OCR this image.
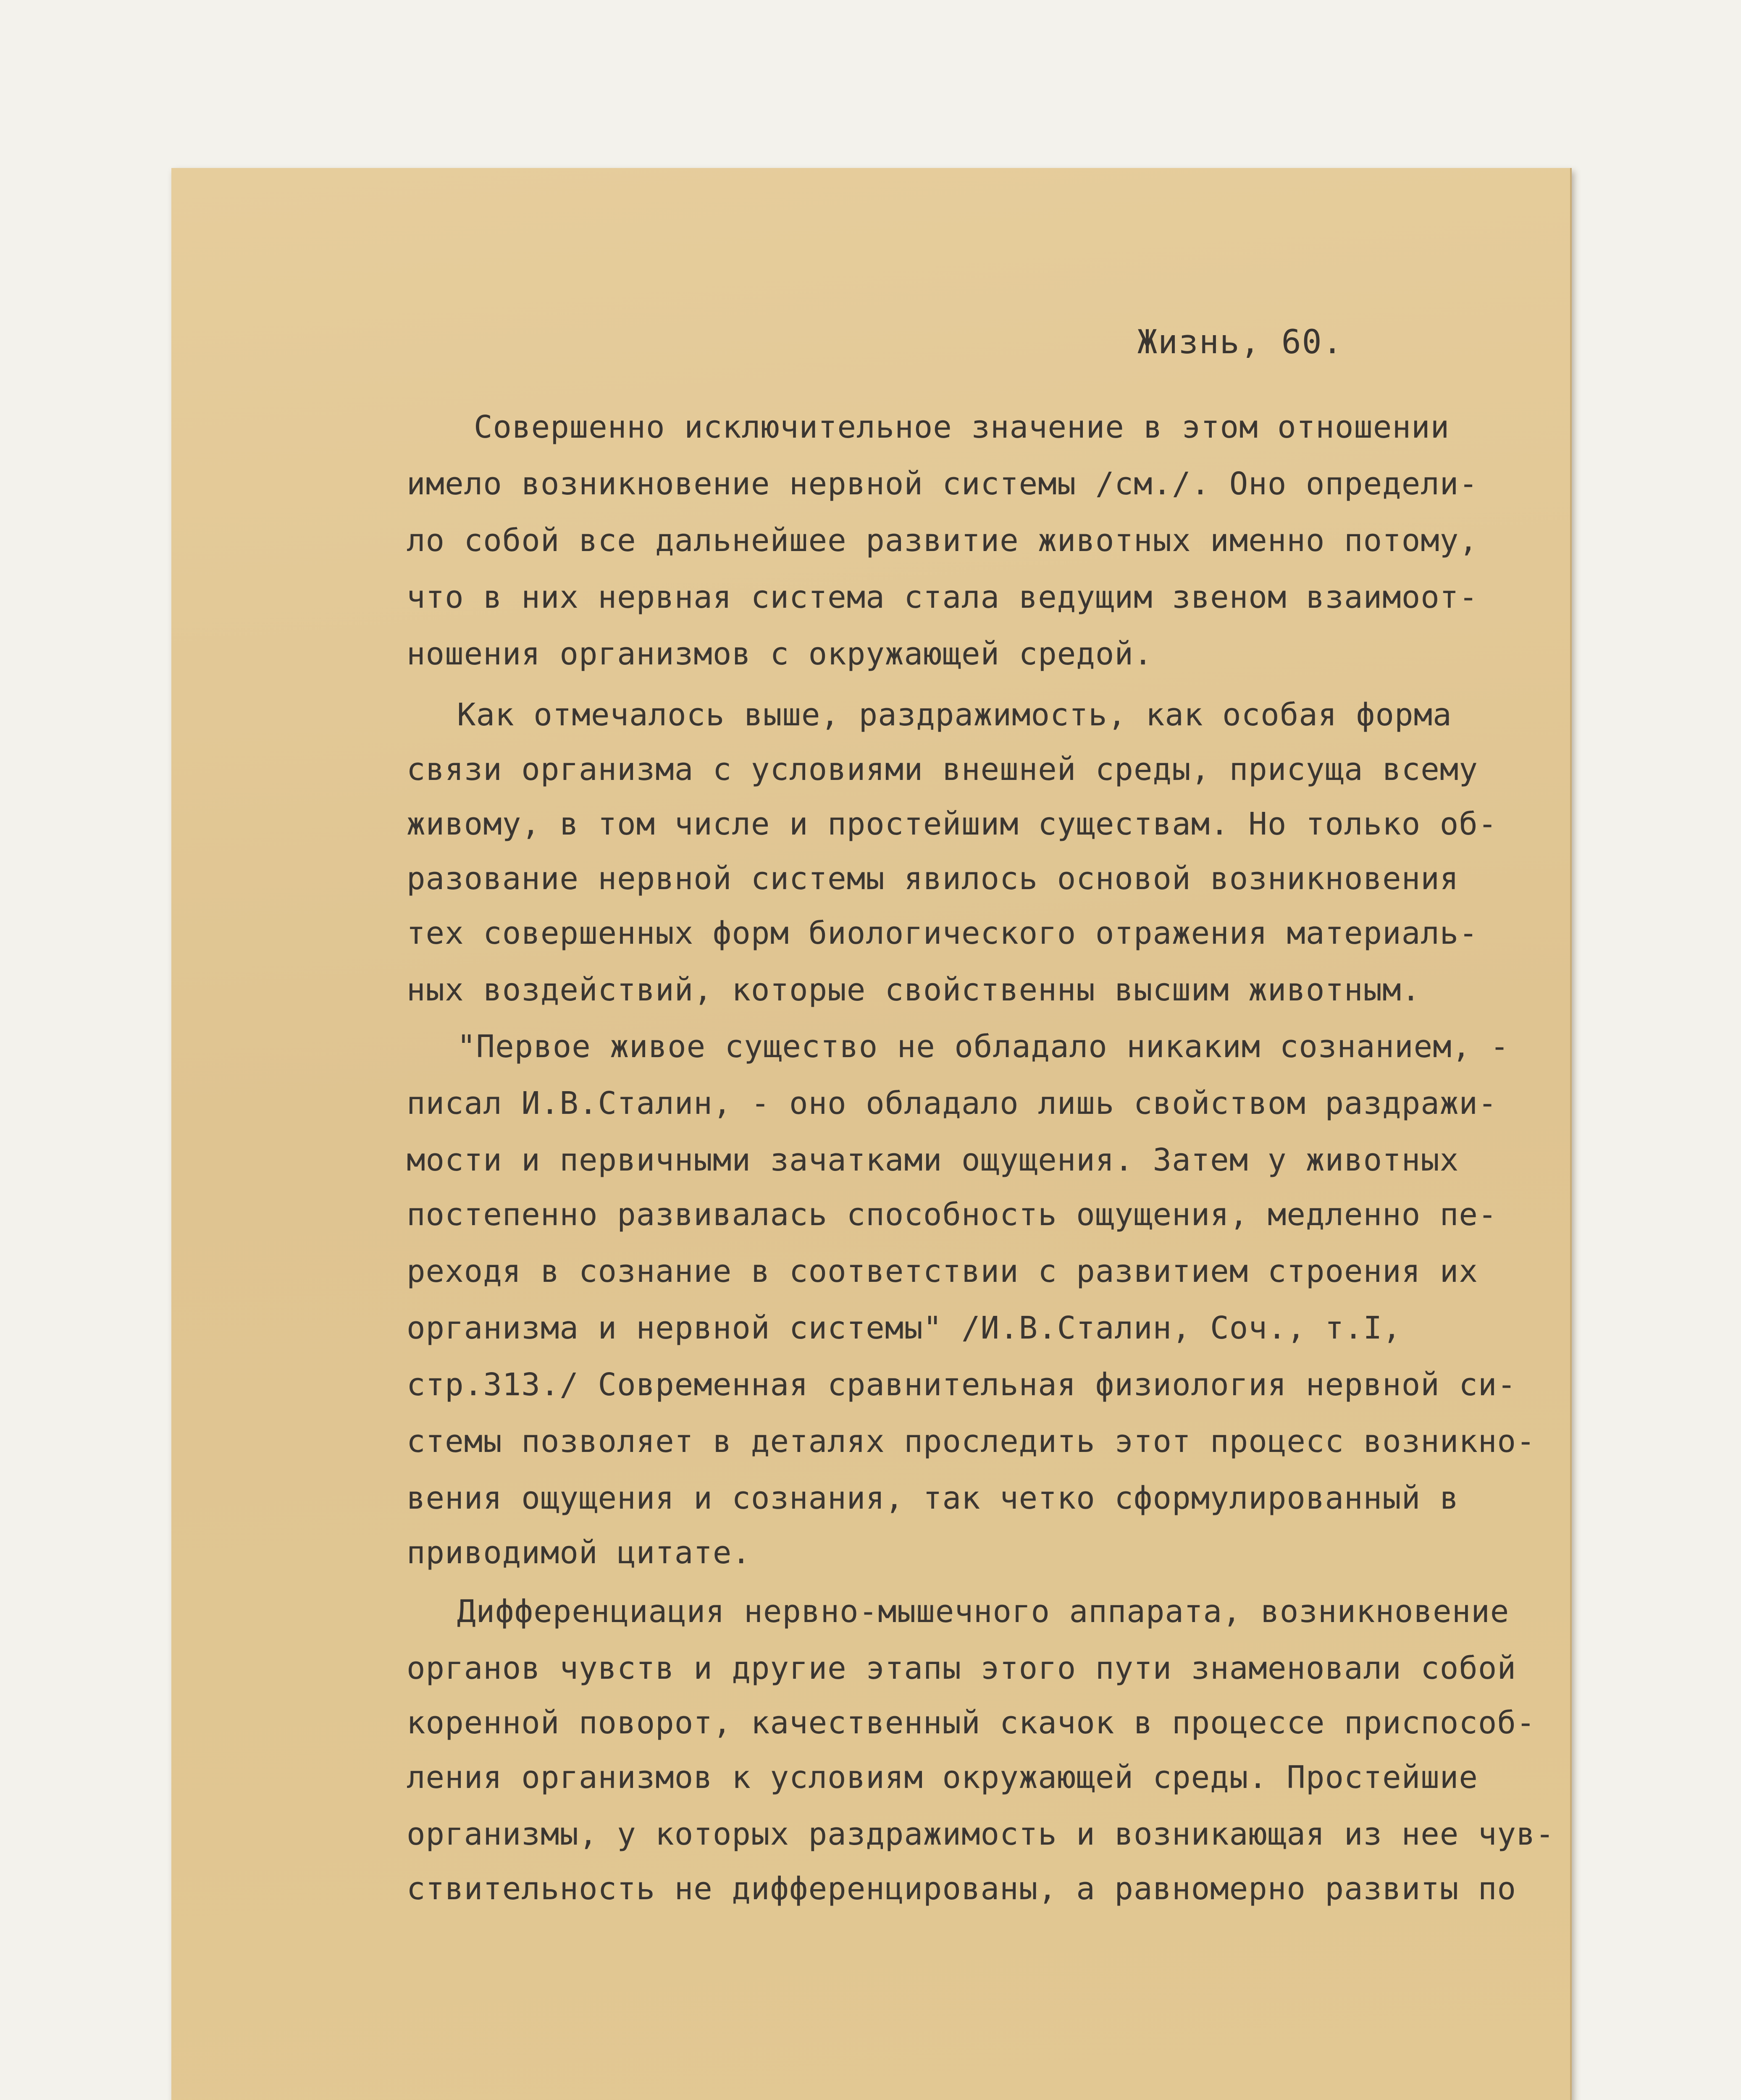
Жизнь, 60.
Совершенно исключительное значение в этом отношении
имело возникновение нервной системы /см./. Оно определи-
ло собой все дальнейшее развитие животных именно потому,
что в них нервная система стала ведущим звеном взаимоот-
ношения организмов с окружающей средой.
Как отмечалось выше, раздражимость, как особая форма
связи организма с условиями внешней среды, присуща всему
живому, в том числе и простейшим существам. Но только об-
разование нервной системы явилось основой возникновения
тех совершенных форм биологического отражения материаль-
ных воздействий, которые свойственны высшим животным.
"Первое живое существо не обладало никаким сознанием, -
писал И.В.Сталин, - оно обладало лишь свойством раздражи-
мости и первичными зачатками ощущения. Затем у животных
постепенно развивалась способность ощущения, медленно пе-
реходя в сознание в соответствии с развитием строения их
организма и нервной системы" /И.В.Сталин, Соч., т.I,
стр.313./ Современная сравнительная физиология нервной си-
стемы позволяет в деталях проследить этот процесс возникно-
вения ощущения и сознания, так четко сформулированный в
приводимой цитате.
Дифференциация нервно-мышечного аппарата, возникновение
органов чувств и другие этапы этого пути знаменовали собой
коренной поворот, качественный скачок в процессе приспособ-
ления организмов к условиям окружающей среды. Простейшие
организмы, у которых раздражимость и возникающая из нее чув-
ствительность не дифференцированы, а равномерно развиты по
